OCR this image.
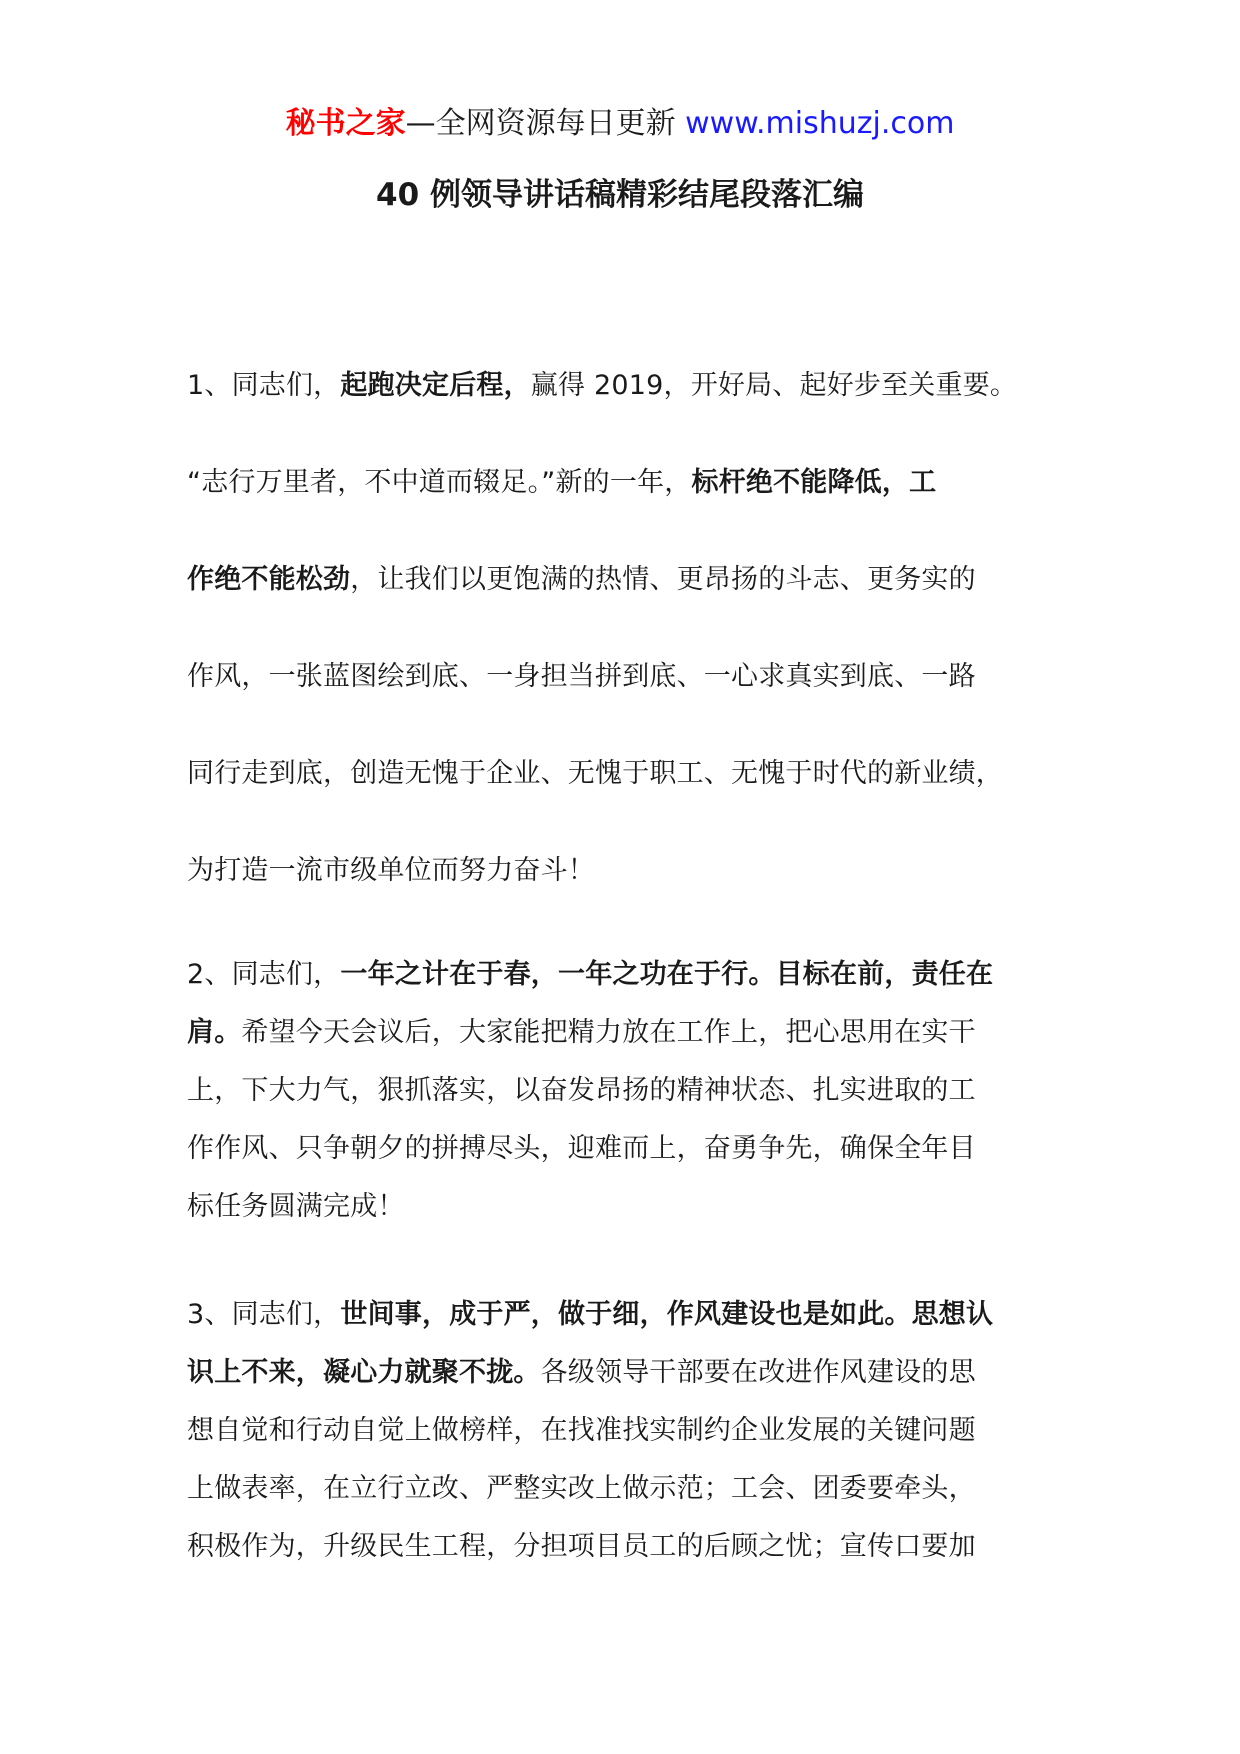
秘书之家—全网资源每日更新 www.mishuzj.com
40 例领导讲话稿精彩结尾段落汇编
1、同志们，起跑决定后程，赢得 2019，开好局、起好步至关重要。
“志行万里者，不中道而辍足。”新的一年，标杆绝不能降低，工
作绝不能松劲，让我们以更饱满的热情、更昂扬的斗志、更务实的
作风，一张蓝图绘到底、一身担当拼到底、一心求真实到底、一路
同行走到底，创造无愧于企业、无愧于职工、无愧于时代的新业绩，
为打造一流市级单位而努力奋斗！
2、同志们，一年之计在于春，一年之功在于行。目标在前，责任在
肩。希望今天会议后，大家能把精力放在工作上，把心思用在实干
上，下大力气，狠抓落实，以奋发昂扬的精神状态、扎实进取的工
作作风、只争朝夕的拼搏尽头，迎难而上，奋勇争先，确保全年目
标任务圆满完成！
3、同志们，世间事，成于严，做于细，作风建设也是如此。思想认
识上不来，凝心力就聚不拢。各级领导干部要在改进作风建设的思
想自觉和行动自觉上做榜样，在找准找实制约企业发展的关键问题
上做表率，在立行立改、严整实改上做示范；工会、团委要牵头，
积极作为，升级民生工程，分担项目员工的后顾之忧；宣传口要加
